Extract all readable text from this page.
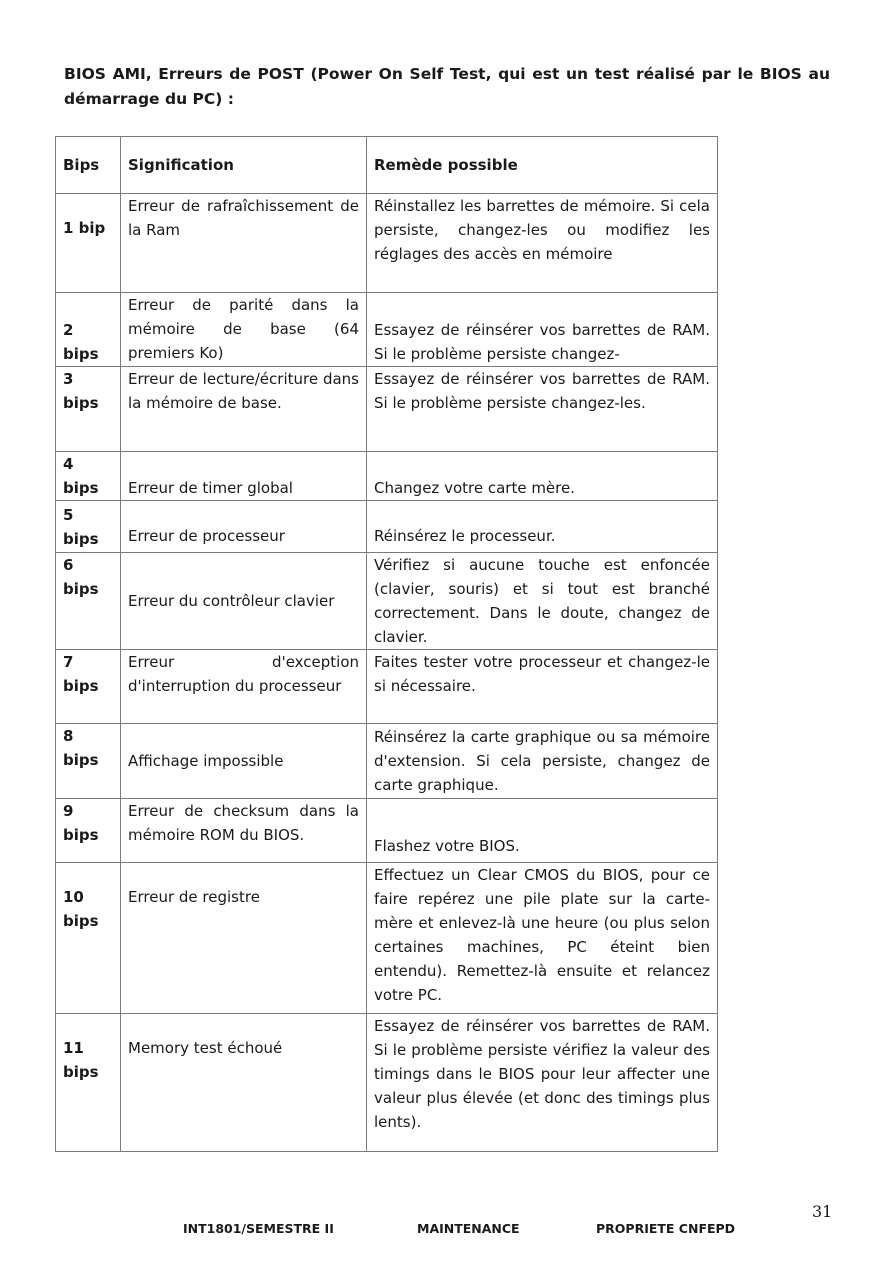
BIOS AMI, Erreurs de POST (Power On Self Test, qui est un test réalisé par le BIOS au démarrage du PC) :

Bips	Signification	Remède possible
1 bip	Erreur de rafraîchissement de la Ram	Réinstallez les barrettes de mémoire. Si cela persiste, changez-les ou modifiez les réglages des accès en mémoire
2 bips	Erreur de parité dans la mémoire de base (64 premiers Ko)	Essayez de réinsérer vos barrettes de RAM. Si le problème persiste changez-
3 bips	Erreur de lecture/écriture dans la mémoire de base.	Essayez de réinsérer vos barrettes de RAM. Si le problème persiste changez-les.
4 bips	Erreur de timer global	Changez votre carte mère.
5 bips	Erreur de processeur	Réinsérez le processeur.
6 bips	Erreur du contrôleur clavier	Vérifiez si aucune touche est enfoncée (clavier, souris) et si tout est branché correctement. Dans le doute, changez de clavier.
7 bips	Erreur d'exception d'interruption du processeur	Faites tester votre processeur et changez-le si nécessaire.
8 bips	Affichage impossible	Réinsérez la carte graphique ou sa mémoire d'extension. Si cela persiste, changez de carte graphique.
9 bips	Erreur de checksum dans la mémoire ROM du BIOS.	Flashez votre BIOS.
10 bips	Erreur de registre	Effectuez un Clear CMOS du BIOS, pour ce faire repérez une pile plate sur la carte-mère et enlevez-là une heure (ou plus selon certaines machines, PC éteint bien entendu). Remettez-là ensuite et relancez votre PC.
11 bips	Memory test échoué	Essayez de réinsérer vos barrettes de RAM. Si le problème persiste vérifiez la valeur des timings dans le BIOS pour leur affecter une valeur plus élevée (et donc des timings plus lents).
31
INT1801/SEMESTRE II	MAINTENANCE	PROPRIETE CNFEPD
